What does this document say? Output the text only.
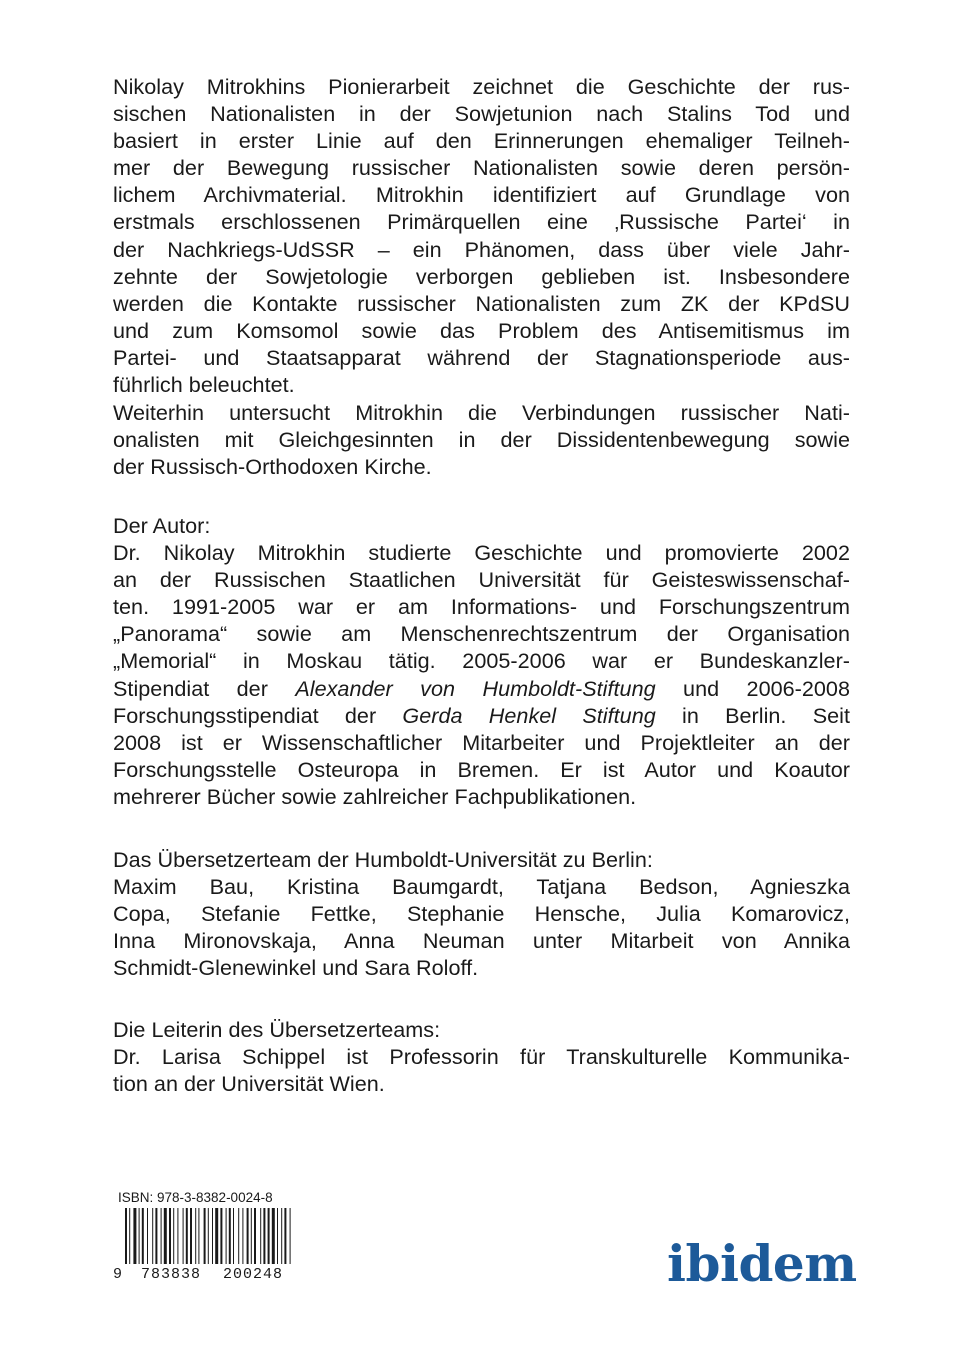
Nikolay Mitrokhins Pionierarbeit zeichnet die Geschichte der rus-

sischen Nationalisten in der Sowjetunion nach Stalins Tod und

basiert in erster Linie auf den Erinnerungen ehemaliger Teilneh-

mer der Bewegung russischer Nationalisten sowie deren persön-

lichem Archivmaterial. Mitrokhin identifiziert auf Grundlage von

erstmals erschlossenen Primärquellen eine ‚Russische Partei‘ in

der Nachkriegs-UdSSR – ein Phänomen, dass über viele Jahr-

zehnte der Sowjetologie verborgen geblieben ist. Insbesondere

werden die Kontakte russischer Nationalisten zum ZK der KPdSU

und zum Komsomol sowie das Problem des Antisemitismus im

Partei- und Staatsapparat während der Stagnationsperiode aus-

führlich beleuchtet.

Weiterhin untersucht Mitrokhin die Verbindungen russischer Nati-

onalisten mit Gleichgesinnten in der Dissidentenbewegung sowie

der Russisch-Orthodoxen Kirche.

Der Autor:

Dr. Nikolay Mitrokhin studierte Geschichte und promovierte 2002

an der Russischen Staatlichen Universität für Geisteswissenschaf-

ten. 1991-2005 war er am Informations- und Forschungszentrum

„Panorama“ sowie am Menschenrechtszentrum der Organisation

„Memorial“ in Moskau tätig. 2005-2006 war er Bundeskanzler-

Stipendiat der Alexander von Humboldt-Stiftung und 2006-2008

Forschungsstipendiat der Gerda Henkel Stiftung in Berlin. Seit

2008 ist er Wissenschaftlicher Mitarbeiter und Projektleiter an der

Forschungsstelle Osteuropa in Bremen. Er ist Autor und Koautor

mehrerer Bücher sowie zahlreicher Fachpublikationen.

Das Übersetzerteam der Humboldt-Universität zu Berlin:

Maxim Bau, Kristina Baumgardt, Tatjana Bedson, Agnieszka

Copa, Stefanie Fettke, Stephanie Hensche, Julia Komarovicz,

Inna Mironovskaja, Anna Neuman unter Mitarbeit von Annika

Schmidt-Glenewinkel und Sara Roloff.

Die Leiterin des Übersetzerteams:

Dr. Larisa Schippel ist Professorin für Transkulturelle Kommunika-

tion an der Universität Wien.

ISBN: 978-3-8382-0024-8
9 783838 200248	ibidem
